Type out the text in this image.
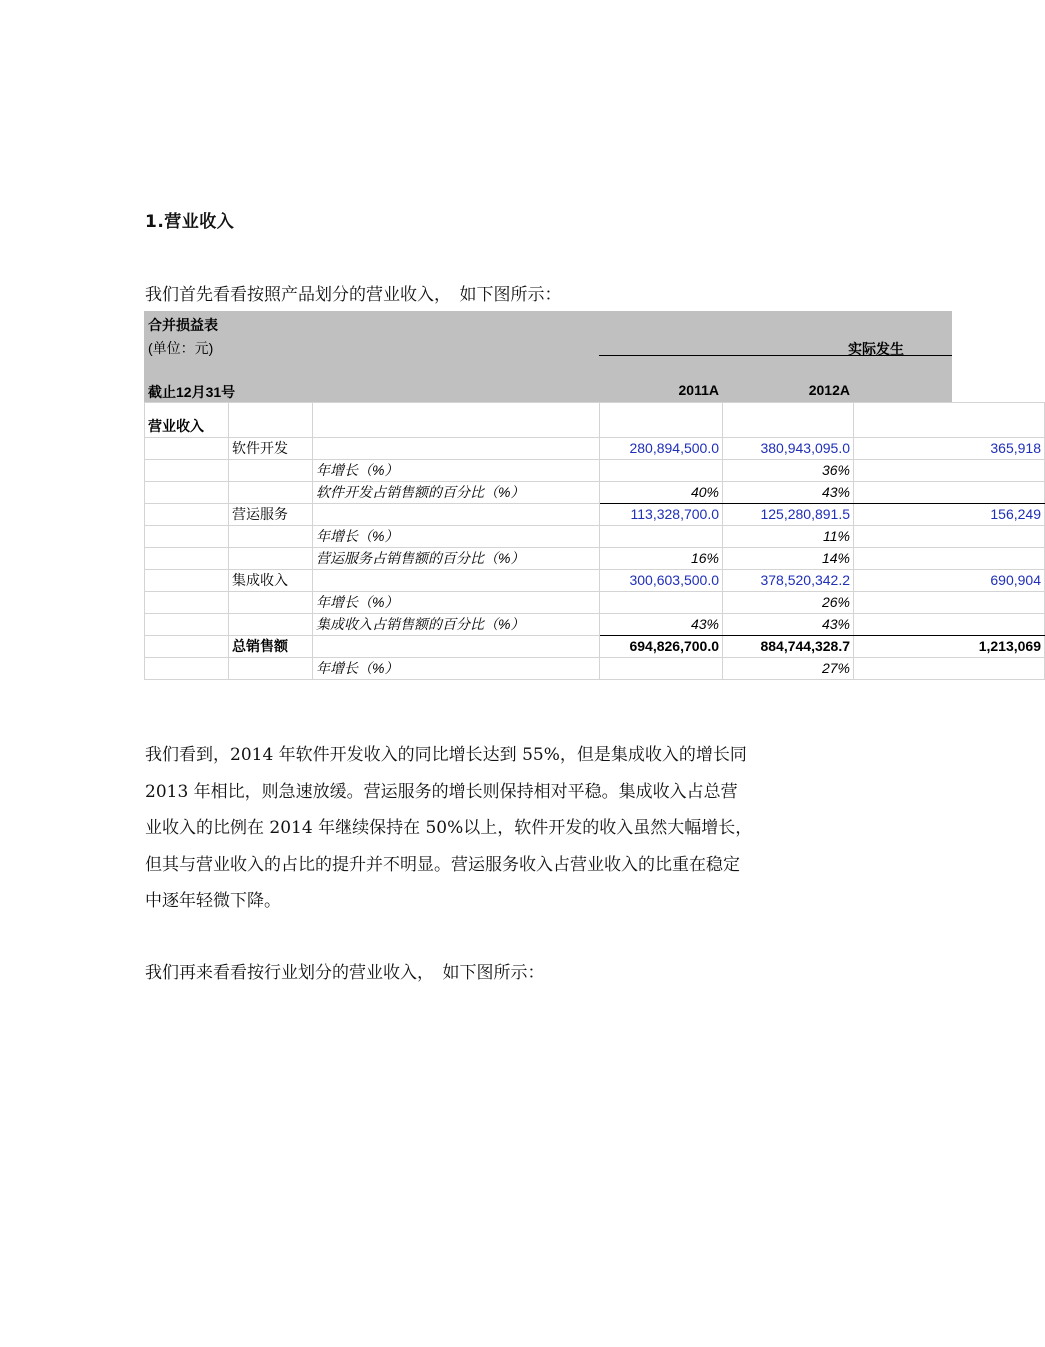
1.营业收入
我们首先看看按照产品划分的营业收入，　如下图所示：
合并损益表
(单位：元)	实际发生
截止12月31号	2011A	2012A
营业收入					
	软件开发		280,894,500.0	380,943,095.0	365,918
		年增长（%）		36%	
		软件开发占销售额的百分比（%）	40%	43%	
	营运服务		113,328,700.0	125,280,891.5	156,249
		年增长（%）		11%	
		营运服务占销售额的百分比（%）	16%	14%	
	集成收入		300,603,500.0	378,520,342.2	690,904
		年增长（%）		26%	
		集成收入占销售额的百分比（%）	43%	43%	
	总销售额		694,826,700.0	884,744,328.7	1,213,069
		年增长（%）		27%	
我们看到，2014 年软件开发收入的同比增长达到 55%，但是集成收入的增长同
2013 年相比，则急速放缓。营运服务的增长则保持相对平稳。集成收入占总营
业收入的比例在 2014 年继续保持在 50%以上，软件开发的收入虽然大幅增长，
但其与营业收入的占比的提升并不明显。营运服务收入占营业收入的比重在稳定
中逐年轻微下降。
我们再来看看按行业划分的营业收入，　如下图所示：
